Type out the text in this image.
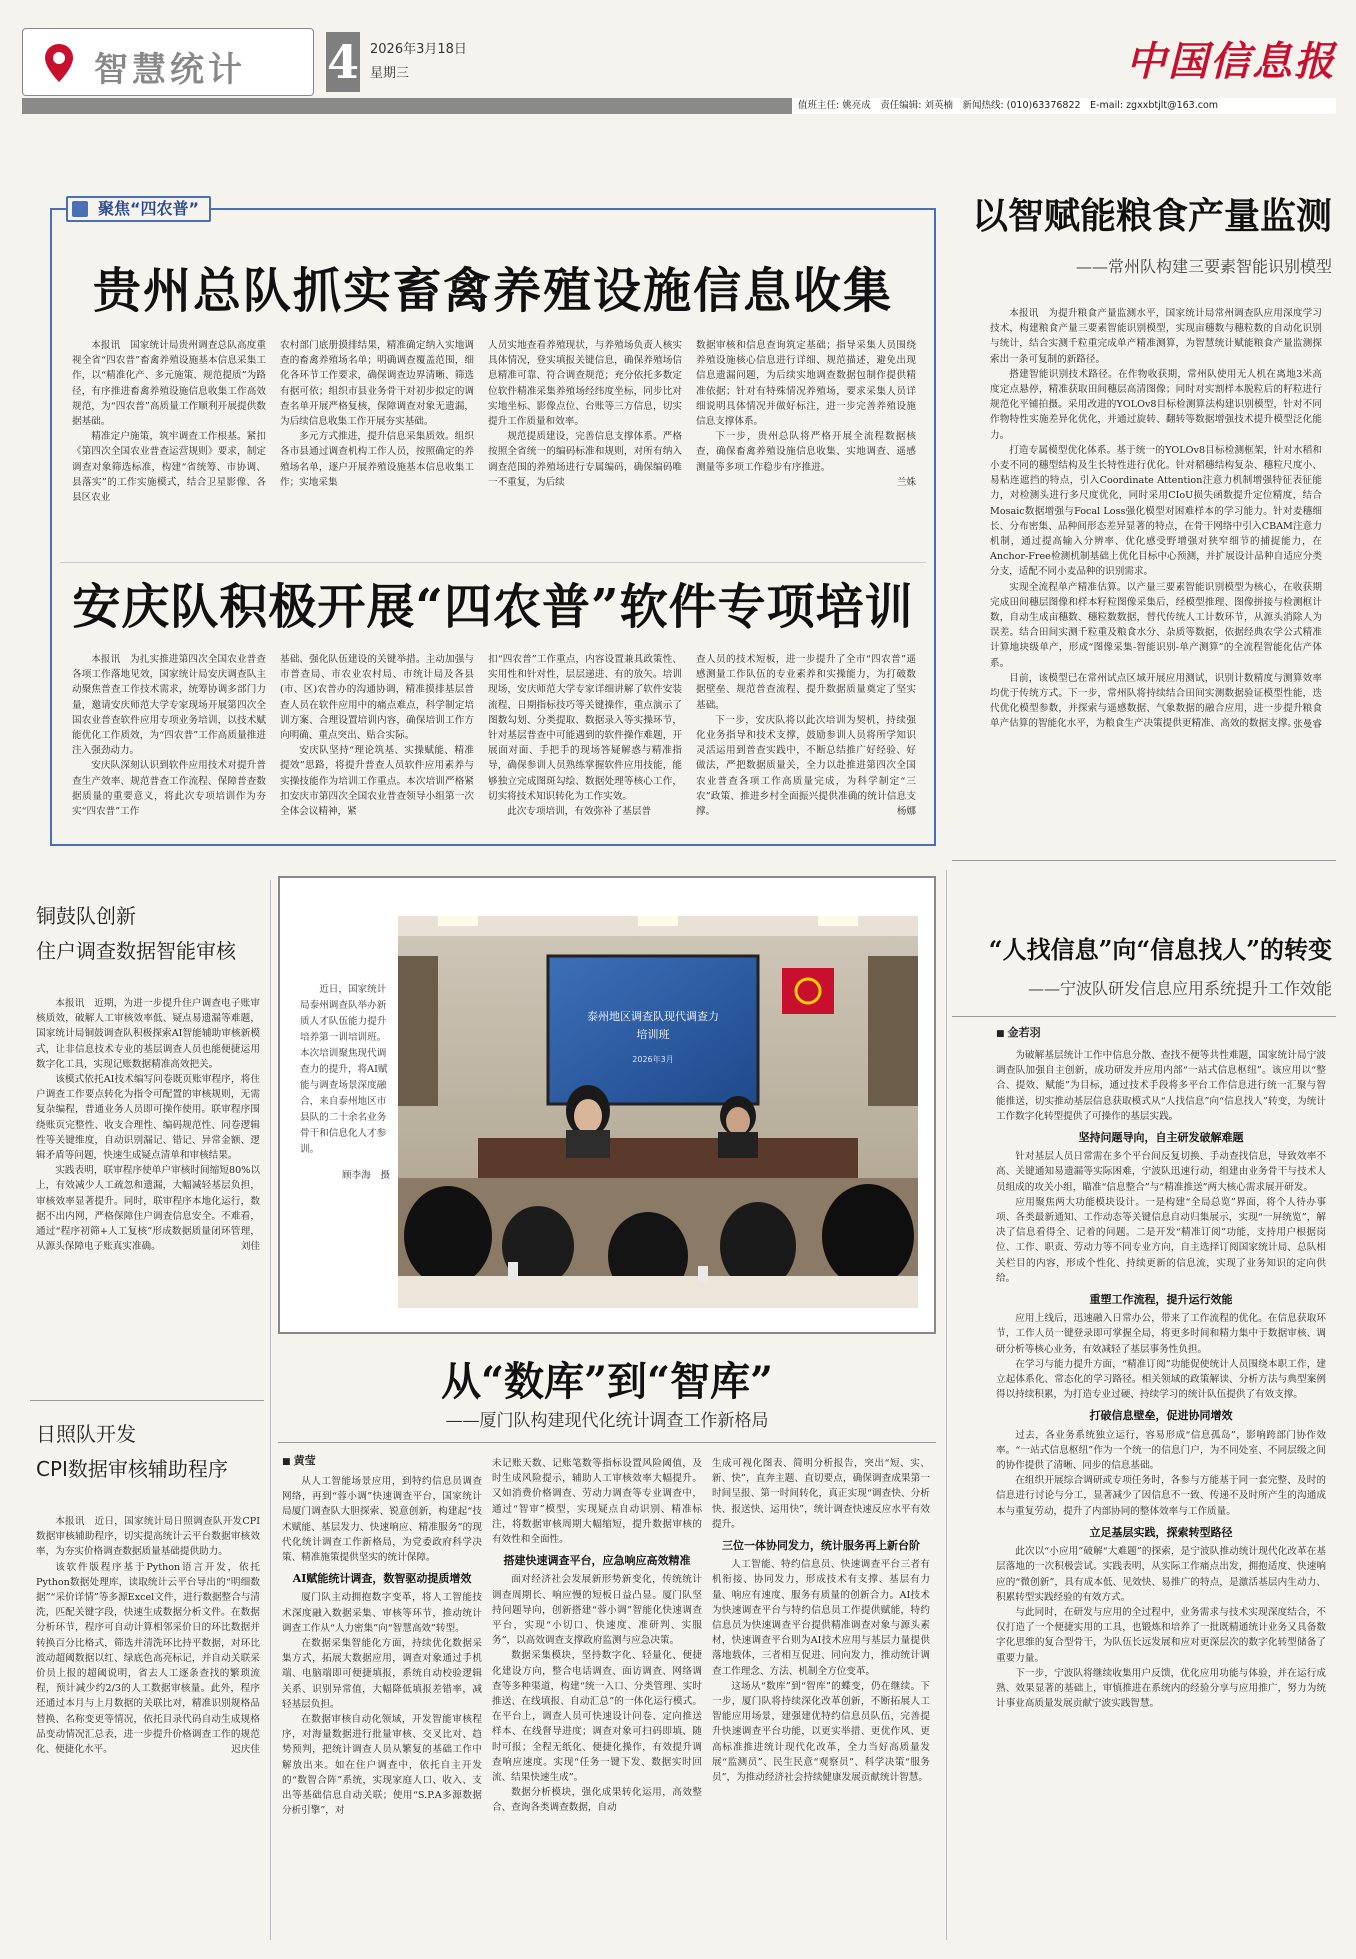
智慧统计 4 2026年3月18日
星期三	中国信息报
值班主任: 姚亮成　责任编辑: 刘英楠　新闻热线: (010)63376822　E-mail: zgxxbtjlt@163.com
聚焦“四农普”
贵州总队抓实畜禽养殖设施信息收集

本报讯　国家统计局贵州调查总队高度重视全省“四农普”畜禽养殖设施基本信息采集工作，以“精准化产、多元施策、规范提质”为路径，有序推进畜禽养殖设施信息收集工作高效规范，为“四农普”高质量工作顺利开展提供数据基础。

精准定户施策，筑牢调查工作根基。紧扣《第四次全国农业普查运营规则》要求，制定调查对象筛选标准，构建“省统筹、市协调、县落实”的工作实施模式，结合卫星影像、各县区农业

农村部门底册摸排结果，精准确定纳入实地调查的畜禽养殖场名单；明确调查覆盖范围，细化各环节工作要求，确保调查边界清晰、筛选有据可依；组织市县业务骨干对初步拟定的调查名单开展严格复核，保障调查对象无遗漏，为后续信息收集工作开展夯实基础。

多元方式推进，提升信息采集质效。组织各市县通过调查机构工作人员，按照确定的养殖场名单，逐户开展养殖设施基本信息收集工作；实地采集

人员实地查看养殖现状，与养殖场负责人核实具体情况，登实填报关键信息，确保养殖场信息精准可靠、符合调查规范；充分依托多数定位软件精准采集养殖场经纬度坐标，同步比对实地坐标、影像点位、台账等三方信息，切实提升工作质量和效率。

规范提质建设，完善信息支撑体系。严格按照全省统一的编码标准和规则，对所有纳入调查范围的养殖场进行专属编码，确保编码唯一不重复，为后续

数据审核和信息查询筑定基础；指导采集人员围绕养殖设施核心信息进行详细、规范描述，避免出现信息遗漏问题，为后续实地调查数据包制作提供精准依据；针对有特殊情况养殖场，要求采集人员详细说明具体情况并做好标注，进一步完善养殖设施信息支撑体系。

下一步，贵州总队将严格开展全流程数据核查，确保畜禽养殖设施信息收集、实地调查、遥感测量等多项工作稳步有序推进。

兰姝
安庆队积极开展“四农普”软件专项培训

本报讯　为扎实推进第四次全国农业普查各项工作落地见效，国家统计局安庆调查队主动聚焦普查工作技术需求，统筹协调多部门力量，邀请安庆师范大学专家现场开展第四次全国农业普查软件应用专项业务培训，以技术赋能优化工作质效，为“四农普”工作高质量推进注入强劲动力。

安庆队深刻认识到软件应用技术对提升普查生产效率、规范普查工作流程、保障普查数据质量的重要意义，将此次专项培训作为夯实“四农普”工作

基础、强化队伍建设的关键举措。主动加强与市普查局、市农业农村局、市统计局及各县(市、区)农普办的沟通协调，精准摸排基层普查人员在软件应用中的痛点难点，科学制定培训方案、合理设置培训内容，确保培训工作方向明确、重点突出、贴合实际。

安庆队坚持“理论筑基、实操赋能、精准提效”思路，将提升普查人员软件应用素养与实操技能作为培训工作重点。本次培训严格紧扣安庆市第四次全国农业普查领导小组第一次全体会议精神，紧

扣“四农普”工作重点，内容设置兼具政策性、实用性和针对性，层层递进、有的放矢。培训现场，安庆师范大学专家详细讲解了软件安装流程、日期指标技巧等关键操作，重点演示了图数勾划、分类提取、数据录入等实操环节，针对基层普查中可能遇到的软件操作难题，开展面对面、手把手的现场答疑解惑与精准指导，确保参训人员熟练掌握软件应用技能，能够独立完成图斑勾绘、数据处理等核心工作，切实将技术知识转化为工作实效。

此次专项培训，有效弥补了基层普

查人员的技术短板，进一步提升了全市“四农普”遥感测量工作队伍的专业素养和实操能力，为打破数据壁垒、规范普查流程、提升数据质量奠定了坚实基础。

下一步，安庆队将以此次培训为契机，持续强化业务指导和技术支撑，鼓励参训人员将所学知识灵活运用到普查实践中，不断总结推广好经验、好做法，严把数据质量关，全力以赴推进第四次全国农业普查各项工作高质量完成，为科学制定“三农”政策、推进乡村全面振兴提供准确的统计信息支撑。	杨娜
以智赋能粮食产量监测
——常州队构建三要素智能识别模型

本报讯　为提升粮食产量监测水平，国家统计局常州调查队应用深度学习技术，构建粮食产量三要素智能识别模型，实现亩穗数与穗粒数的自动化识别与统计，结合实测千粒重完成单产精准测算，为智慧统计赋能粮食产量监测探索出一条可复制的新路径。

搭建智能识别技术路径。在作物收获期，常州队使用无人机在离地3米高度定点悬停，精准获取田间穗层高清图像；同时对实割样本脱粒后的籽粒进行规范化平铺拍摄。采用改进的YOLOv8目标检测算法构建识别模型，针对不同作物特性实施差异化优化，并通过旋转、翻转等数据增强技术提升模型泛化能力。

打造专属模型优化体系。基于统一的YOLOv8目标检测框架，针对水稻和小麦不同的穗型结构及生长特性进行优化。针对稻穗结构复杂、穗粒尺度小、易粘连遮挡的特点，引入Coordinate Attention注意力机制增强特征表征能力，对检测头进行多尺度优化，同时采用CIoU损失函数提升定位精度，结合Mosaic数据增强与Focal Loss强化模型对困难样本的学习能力。针对麦穗细长、分布密集、品种间形态差异显著的特点，在骨干网络中引入CBAM注意力机制，通过提高输入分辨率、优化感受野增强对狭窄细节的捕捉能力，在Anchor-Free检测机制基础上优化目标中心预测，并扩展设计品种自适应分类分支，适配不同小麦品种的识别需求。

实现全流程单产精准估算。以产量三要素智能识别模型为核心，在收获期完成田间穗层图像和样本籽粒图像采集后，经模型推理、图像拼接与检测框计数，自动生成亩穗数、穗粒数数据，替代传统人工计数环节，从源头消除人为误差。结合田间实测千粒重及粮食水分、杂质等数据，依据经典农学公式精准计算地块级单产，形成“图像采集-智能识别-单产测算”的全流程智能化估产体系。

目前，该模型已在常州试点区域开展应用测试，识别计数精度与测算效率均优于传统方式。下一步，常州队将持续结合田间实测数据验证模型性能，迭代优化模型参数，并探索与遥感数据、气象数据的融合应用，进一步提升粮食单产估算的智能化水平，为粮食生产决策提供更精准、高效的数据支撑。

张曼睿
铜鼓队创新
住户调查数据智能审核

本报讯　近期，为进一步提升住户调查电子账审核质效，破解人工审核效率低、疑点易遗漏等难题，国家统计局铜鼓调查队积极探索AI智能辅助审核新模式，让非信息技术专业的基层调查人员也能便捷运用数字化工具，实现记账数据精准高效把关。

该模式依托AI技术编写问卷既页账审程序，将住户调查工作要点转化为指令可配置的审核规则，无需复杂编程，普通业务人员即可操作使用。联审程序围绕账页完整性、收支合理性、编码规范性、同卷逻辑性等关键维度，自动识别漏记、错记、异常金额、逻辑矛盾等问题，快速生成疑点清单和审核结果。

实践表明，联审程序使单户审核时间缩短80%以上，有效减少人工疏忽和遗漏，大幅减轻基层负担，审核效率显著提升。同时，联审程序本地化运行，数据不出内网，严格保障住户调查信息安全。不难看，通过“程序初筛+人工复核”形成数据质量闭环管理，从源头保障电子账真实准确。	刘佳
日照队开发
CPI数据审核辅助程序

本报讯　近日，国家统计局日照调查队开发CPI数据审核辅助程序，切实提高统计云平台数据审核效率，为夯实价格调查数据质量基础提供助力。

该软件版程序基于Python语言开发，依托Python数据处理库，读取统计云平台导出的“明细数据”“采价详情”等多源Excel文件，进行数据整合与清洗，匹配关键字段，快速生成数据分析文件。在数据分析环节，程序可自动计算相邻采价日的环比数据并转换百分比格式，筛选并清洗环比持平数据，对环比波动超阈数据以红、绿底色高亮标记，并自动关联采价员上报的超阈说明，省去人工逐条查找的繁琐流程，预计减少约2/3的人工数据审核量。此外，程序还通过本月与上月数据的关联比对，精准识别规格品替换、名称变更等情况，依托目录代码自动生成规格品变动情况汇总表，进一步提升价格调查工作的规范化、便捷化水平。	迟庆佳
近日，国家统计局泰州调查队举办新质人才队伍能力提升培养第一训培训班。本次培训聚焦现代调查力的提升，将AI赋能与调查场景深度融合，来自泰州地区市县队的二十余名业务骨干和信息化人才参训。
顾李海　摄
泰州地区调查队现代调查力
培训班
2026年3月
从“数库”到“智库”
——厦门队构建现代化统计调查工作新格局
■ 黄莹

从人工智能场景应用，到特约信息员调查网络，再到“蓉小调”快速调查平台，国家统计局厦门调查队大胆探索、锐意创新，构建起“技术赋能、基层发力、快速响应、精准服务”的现代化统计调查工作新格局，为党委政府科学决策、精准施策提供坚实的统计保障。

AI赋能统计调查，数智驱动提质增效

厦门队主动拥抱数字变革，将人工智能技术深度融入数据采集、审核等环节，推动统计调查工作从“人力密集”向“智慧高效”转型。

在数据采集智能化方面，持续优化数据采集方式，拓展大数据应用，调查对象通过手机端、电脑端即可便捷填报，系统自动校验逻辑关系、识别异常值，大幅降低填报差错率，减轻基层负担。

在数据审核自动化领域，开发智能审核程序，对海量数据进行批量审核、交叉比对、趋势预判，把统计调查人员从繁复的基础工作中解放出来。如在住户调查中，依托自主开发的“数智合阵”系统，实现家庭人口、收入、支出等基础信息自动关联；使用“S.P.A多源数据分析引擎”，对

未记账天数、记账笔数等指标设置风险阈值，及时生成风险提示，辅助人工审核效率大幅提升。又如消费价格调查、劳动力调查等专业调查中，通过“智审”模型，实现疑点自动识别、精准标注，将数据审核周期大幅缩短，提升数据审核的有效性和全面性。

搭建快速调查平台，应急响应高效精准

面对经济社会发展新形势新变化，传统统计调查周期长、响应慢的短板日益凸显。厦门队坚持问题导向，创新搭建“蓉小调”智能化快速调查平台，实现“小切口、快速度、准研判、实服务”，以高效调查支撑政府监测与应急决策。

数据采集模块，坚持数字化、轻量化、便捷化建设方向，整合电话调查、面访调查、网络调查等多种渠道，构建“统一入口、分类管理、实时推送、在线填报、自动汇总”的一体化运行模式。在平台上，调查人员可快速设计问卷、定向推送样本、在线督导进度；调查对象可扫码即填、随时可报；全程无纸化、便捷化操作，有效提升调查响应速度。实现“任务一键下发、数据实时回流、结果快速生成”。

数据分析模块，强化成果转化运用，高效整合、查询各类调查数据，自动

生成可视化图表、简明分析报告，突出“短、实、新、快”，直奔主题、直切要点，确保调查成果第一时间呈报、第一时间转化，真正实现“调查快、分析快、报送快、运用快”，统计调查快速反应水平有效提升。

三位一体协同发力，统计服务再上新台阶

人工智能、特约信息员、快速调查平台三者有机衔接、协同发力，形成技术有支撑、基层有力量、响应有速度、服务有质量的创新合力。AI技术为快速调查平台与特约信息员工作提供赋能，特约信息员为快速调查平台提供精准调查对象与源头素材，快速调查平台则为AI技术应用与基层力量提供落地载体，三者相互促进、同向发力，推动统计调查工作理念、方法、机制全方位变革。

这场从“数库”到“智库”的蝶变，仍在继续。下一步，厦门队将持续深化改革创新，不断拓展人工智能应用场景，建强建优特约信息员队伍，完善提升快速调查平台功能，以更实举措、更优作风、更高标准推进统计现代化改革，全力当好高质量发展“监测员”、民生民意“观察员”、科学决策“服务员”，为推动经济社会持续健康发展贡献统计智慧。

“人找信息”向“信息找人”的转变
——宁波队研发信息应用系统提升工作效能
■ 金若羽

为破解基层统计工作中信息分散、查找不便等共性难题，国家统计局宁波调查队加强自主创新，成功研发并应用内部“一站式信息枢纽”。该应用以“整合、提效、赋能”为目标，通过技术手段将多平台工作信息进行统一汇聚与智能推送，切实推动基层信息获取模式从“人找信息”向“信息找人”转变，为统计工作数字化转型提供了可操作的基层实践。

坚持问题导向，自主研发破解难题

针对基层人员日常需在多个平台间反复切换、手动查找信息，导致效率不高、关键通知易遗漏等实际困难，宁波队迅速行动，组建由业务骨干与技术人员组成的攻关小组，瞄准“信息整合”与“精准推送”两大核心需求展开研发。

应用聚焦两大功能模块设计。一是构建“全局总览”界面，将个人待办事项、各类最新通知、工作动态等关键信息自动归集展示，实现“一屏统览”，解决了信息看得全、记着的问题。二是开发“精准订阅”功能，支持用户根据岗位、工作、职责、劳动力等不同专业方向，自主选择订阅国家统计局、总队相关栏目的内容，形成个性化、持续更新的信息流，实现了业务知识的定向供给。

重塑工作流程，提升运行效能

应用上线后，迅速融入日常办公，带来了工作流程的优化。在信息获取环节，工作人员一键登录即可掌握全局，将更多时间和精力集中于数据审核、调研分析等核心业务，有效减轻了基层事务性负担。

在学习与能力提升方面，“精准订阅”功能促使统计人员围绕本职工作，建立起体系化、常态化的学习路径。相关领域的政策解读、分析方法与典型案例得以持续积累，为打造专业过硬、持续学习的统计队伍提供了有效支撑。

打破信息壁垒，促进协同增效

过去，各业务系统独立运行，容易形成“信息孤岛”，影响跨部门协作效率。“一站式信息枢纽”作为一个统一的信息门户，为不同处室、不同层级之间的协作提供了清晰、同步的信息基础。

在组织开展综合调研或专项任务时，各参与方能基于同一套完整、及时的信息进行讨论与分工，显著减少了因信息不一致、传递不及时所产生的沟通成本与重复劳动，提升了内部协同的整体效率与工作质量。

立足基层实践，探索转型路径

此次以“小应用”破解“大难题”的探索，是宁波队推动统计现代化改革在基层落地的一次积极尝试。实践表明，从实际工作痛点出发，拥抱适度、快速响应的“微创新”，具有成本低、见效快、易推广的特点，是激活基层内生动力、积累转型实践经验的有效方式。

与此同时，在研发与应用的全过程中，业务需求与技术实现深度结合，不仅打造了一个便捷实用的工具，也锻炼和培养了一批既精通统计业务又具备数字化思维的复合型骨干，为队伍长远发展和应对更深层次的数字化转型储备了重要力量。

下一步，宁波队将继续收集用户反馈，优化应用功能与体验，并在运行成熟、效果显著的基础上，审慎推进在系统内的经验分享与应用推广，努力为统计事业高质量发展贡献宁波实践智慧。
